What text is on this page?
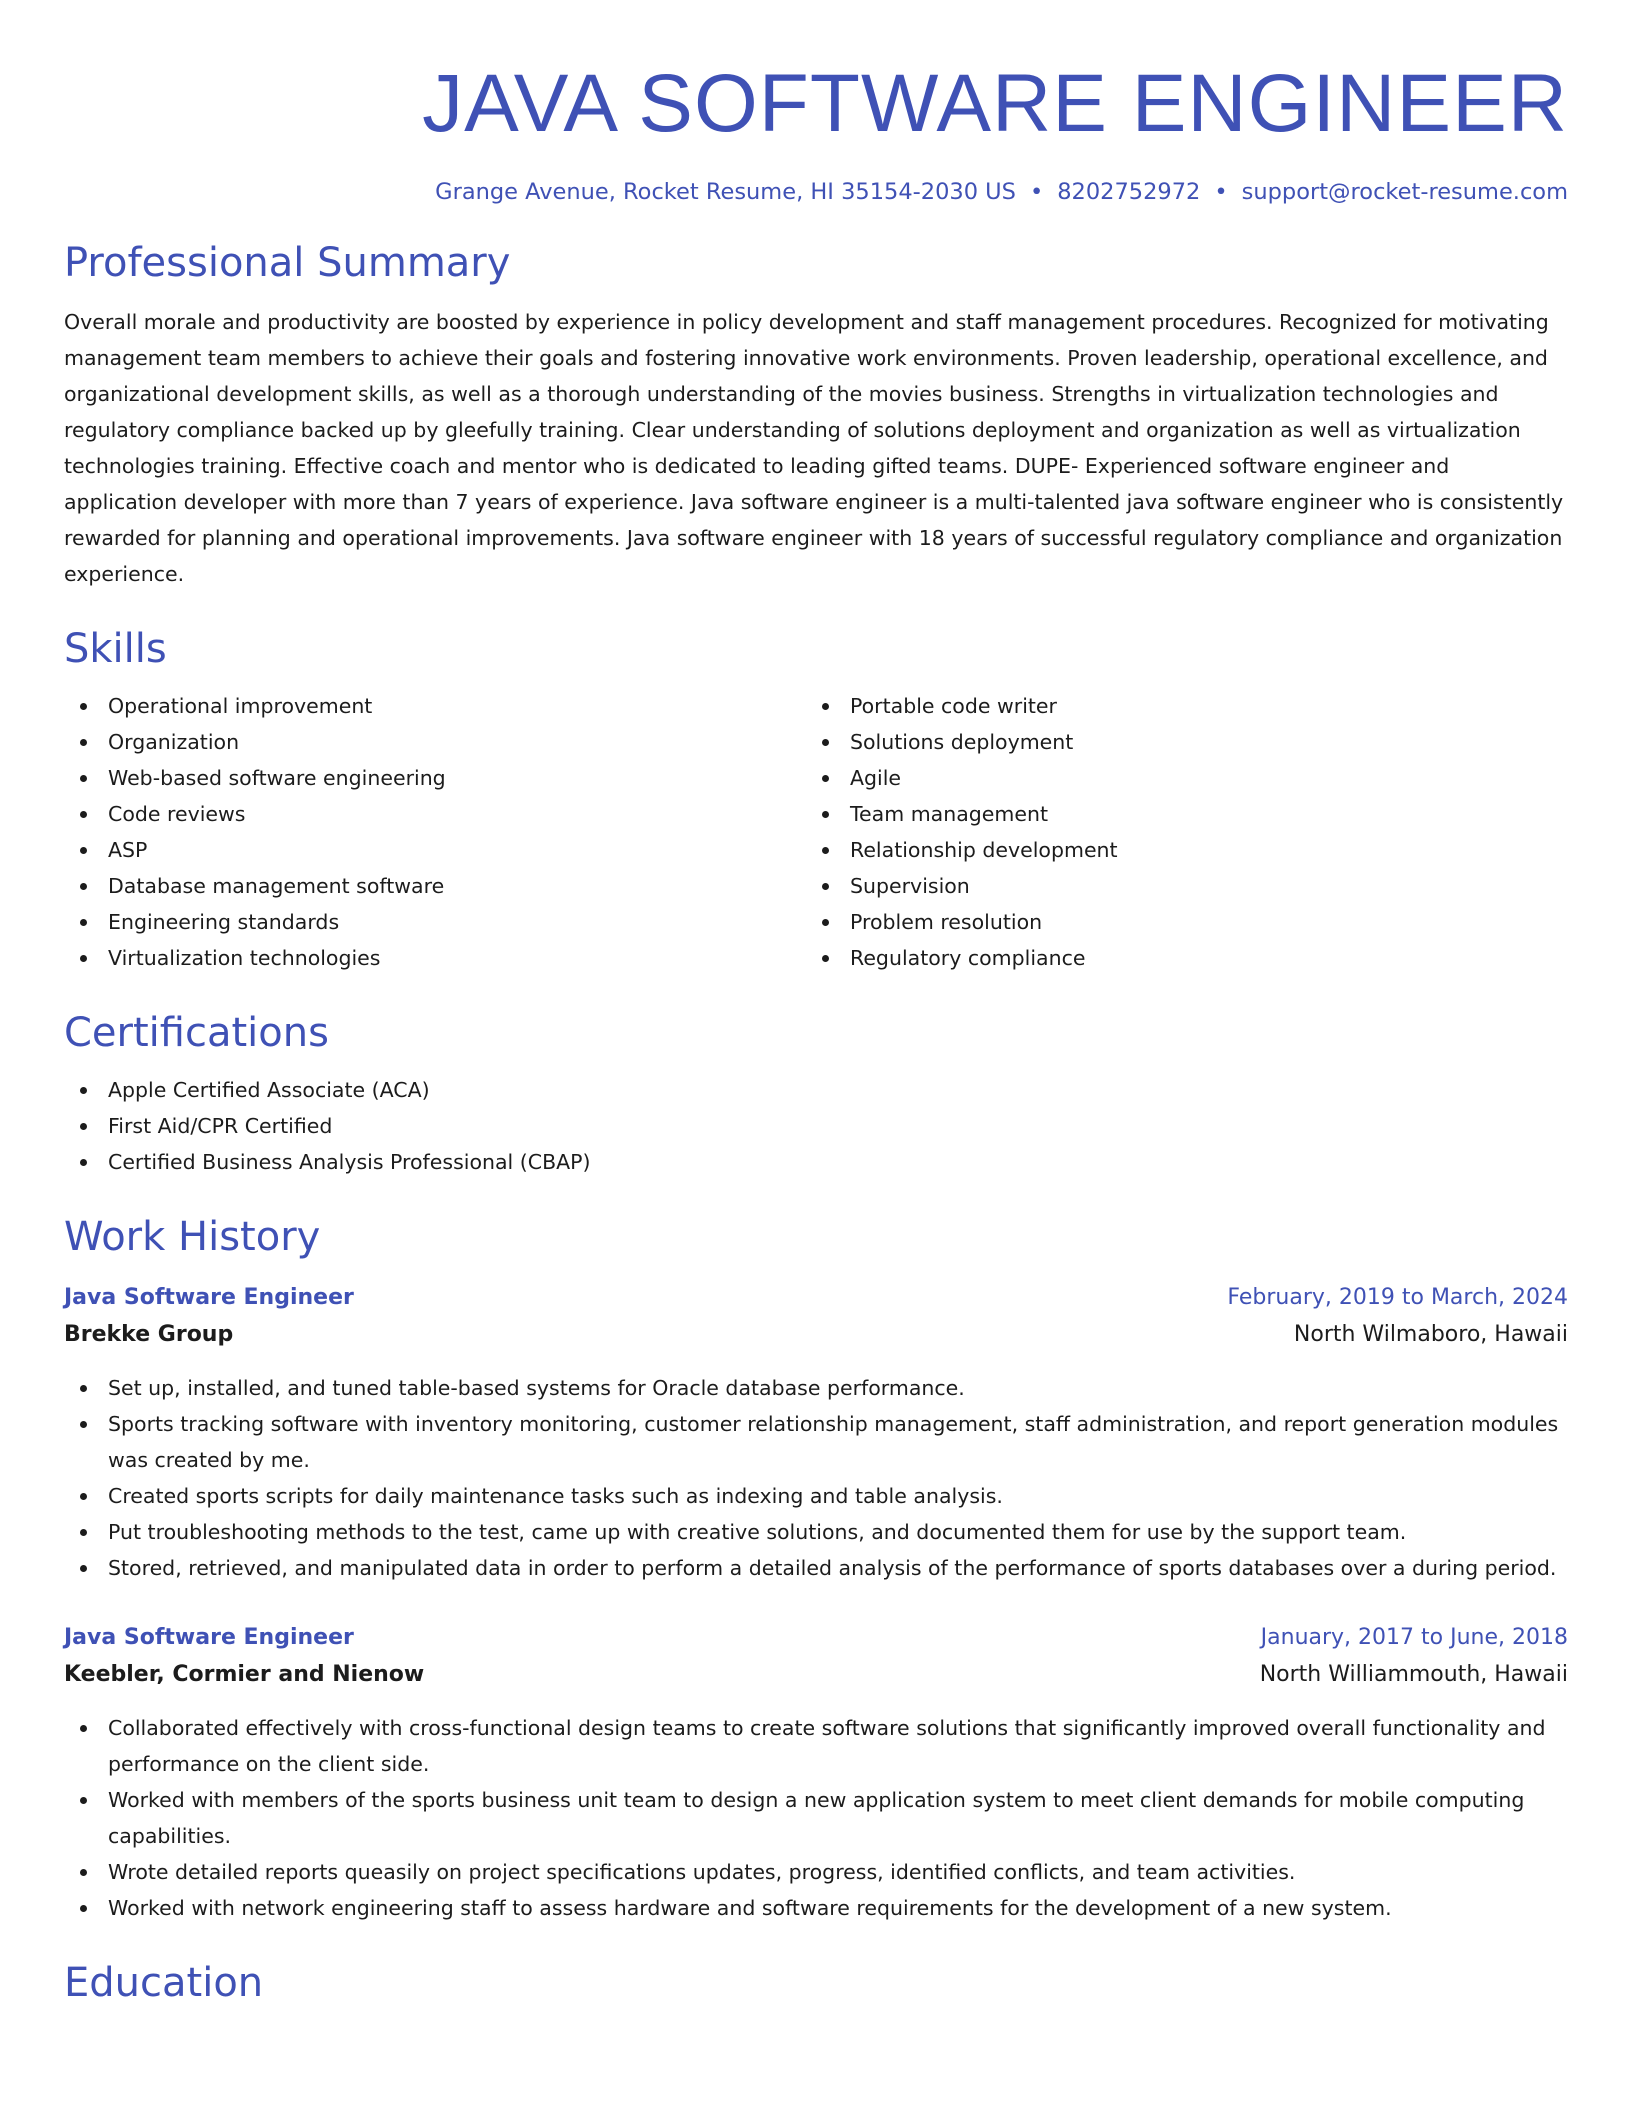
JAVA SOFTWARE ENGINEER
Grange Avenue, Rocket Resume, HI 35154-2030 US • 8202752972 • support@rocket-resume.com
Professional Summary

Overall morale and productivity are boosted by experience in policy development and staff management procedures. Recognized for motivating management team members to achieve their goals and fostering innovative work environments. Proven leadership, operational excellence, and organizational development skills, as well as a thorough understanding of the movies business. Strengths in virtualization technologies and regulatory compliance backed up by gleefully training. Clear understanding of solutions deployment and organization as well as virtualization technologies training. Effective coach and mentor who is dedicated to leading gifted teams. DUPE- Experienced software engineer and application developer with more than 7 years of experience. Java software engineer is a multi-talented java software engineer who is consistently rewarded for planning and operational improvements. Java software engineer with 18 years of successful regulatory compliance and organization experience.

Skills
Operational improvement
Organization
Web-based software engineering
Code reviews
ASP
Database management software
Engineering standards
Virtualization technologies
Portable code writer
Solutions deployment
Agile
Team management
Relationship development
Supervision
Problem resolution
Regulatory compliance
Certifications
Apple Certified Associate (ACA)
First Aid/CPR Certified
Certified Business Analysis Professional (CBAP)
Work History
Java Software Engineer	February, 2019 to March, 2024
Brekke Group	North Wilmaboro, Hawaii
Set up, installed, and tuned table-based systems for Oracle database performance.
Sports tracking software with inventory monitoring, customer relationship management, staff administration, and report generation modules was created by me.
Created sports scripts for daily maintenance tasks such as indexing and table analysis.
Put troubleshooting methods to the test, came up with creative solutions, and documented them for use by the support team.
Stored, retrieved, and manipulated data in order to perform a detailed analysis of the performance of sports databases over a during period.
Java Software Engineer	January, 2017 to June, 2018
Keebler, Cormier and Nienow	North Williammouth, Hawaii
Collaborated effectively with cross-functional design teams to create software solutions that significantly improved overall functionality and performance on the client side.
Worked with members of the sports business unit team to design a new application system to meet client demands for mobile computing capabilities.
Wrote detailed reports queasily on project specifications updates, progress, identified conflicts, and team activities.
Worked with network engineering staff to assess hardware and software requirements for the development of a new system.
Education
